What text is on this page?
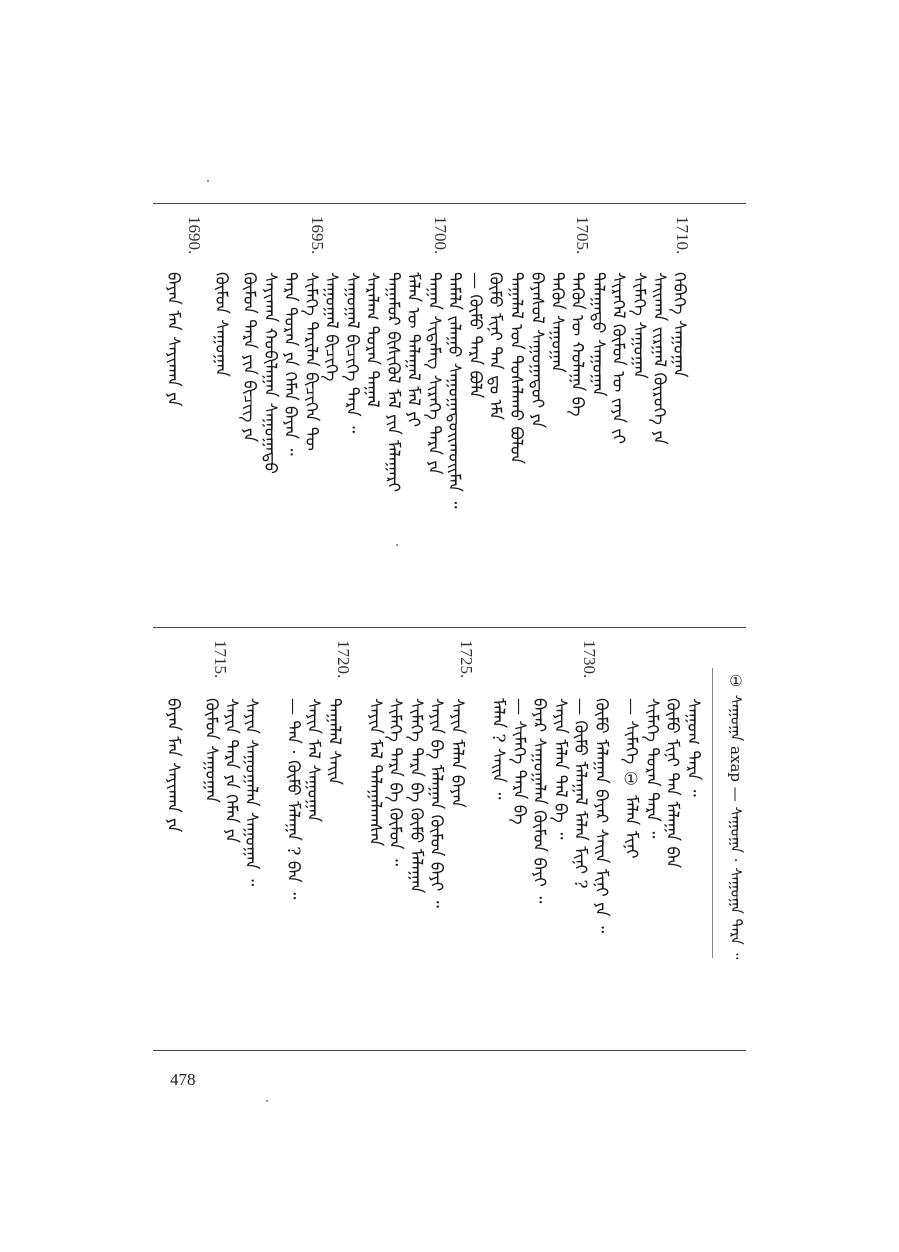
ᠬᠡᠪᠡᠭᠡ ᠰᠠᠭᠤᠭᠠᠨ
ᠰᠠᠢᠬᠠᠨ ᠵᠢᠷᠭᠠᠯ ᠬᠦᠷᠦᠭᠡ ᠶᠠ
ᠰᠢᠮᠡᠭᠡ ᠰᠠᠭᠤᠭᠠᠨ
ᠰᠢᠷᠡᠭᠡᠯ ᠬᠦᠮᠦᠨ ᠦ ᠵᠠᠶᠠ ᠶ᠋ᠢ
ᠲᠠᠯᠠᠭᠠᠳᠤ ᠰᠠᠭᠤᠭᠠᠨ
ᠲᠡᠭᠦᠨ ᠦ ᠬᠤᠯᠠᠭᠠ ᠪᠠ
ᠲᠡᠭᠦᠨ ᠰᠠᠭᠤᠭᠠᠨ
ᠪᠠᠶᠠᠰᠤᠯ ᠰᠠᠭᠤᠭᠠᠳᠤᠢ ᠶᠠ
ᠲᠠᠭᠠᠯᠠᠯ ᠤᠨ ᠲᠤᠰᠠᠯᠠᠬᠤ ᠪᠣᠯᠤᠨ
ᠬᠦᠮᠦ ᠮᠢᠨᠢ ᠲᠠᠨ ᠳᠤ ᠡᠮᠡ
— ᠬᠦᠮᠦ ᠲᠡᠷᠡ ᠪᠣᠯᠠ
ᠲᠡᠮᠡᠯᠡ ᠵᠠᠯᠠᠭᠤ ᠰᠠᠭᠤᠭᠠᠳᠤᠢᠬᠤᠢᠮᠡᠨ ᠃
ᠲᠠᠭᠠᠨ ᠰᠢᠳᠠᠮᠡᠭ ᠰᠢᠷᠡᠭᠡ ᠲᠡᠷᠡ ᠶᠠ
ᠮᠠᠯᠠᠨ ᠦ ᠲᠠᠯᠠᠭᠠᠯ ᠮᠠᠯ ᠶᠢ
ᠲᠠᠭᠠᠮᠤᠷ ᠪᠢᠰᠢᠭᠦᠯ ᠮᠠᠯ ᠶᠢᠨ ᠮᠠᠯᠠᠭᠠᠷᠢ
ᠰᠠᠷᠠᠯᠠᠭ ᠳᠤᠷᠠᠨ ᠲᠠᠭᠠᠯ
ᠰᠠᠭᠤᠭᠠᠯ ᠪᠢᠴᠢᠭᠡ ᠲᠡᠷᠡ ᠃
ᠰᠠᠭᠤᠭᠠᠯ ᠪᠢᠴᠢᠭᠡ
ᠰᠢᠮᠡᠭᠡ ᠲᠠᠷᠢᠯᠠᠨ ᠪᠢᠴᠢᠭᠡᠨ ᠲᠦ
ᠲᠡᠷᠡ ᠲᠤᠷᠠᠨ ᠶᠠ ᠬᠡᠮᠡᠨ ᠪᠠᠶᠠᠨ ᠃
ᠰᠠᠶᠢᠬᠠᠨ ᠬᠤᠪᠢᠯᠠᠭᠠᠨ ᠰᠠᠭᠤᠭᠠᠳᠤ
ᠬᠦᠮᠦᠨ ᠲᠡᠷᠡ ᠶᠢᠨ ᠪᠢᠴᠢᠭ ᠶᠠ
ᠬᠦᠮᠦᠨ ᠰᠠᠭᠤᠭᠠᠨ
ᠪᠠᠶᠠᠨ ᠮᠠᠨ ᠰᠠᠶᠢᠬᠠᠨ ᠶᠠ
1710.
1705.
1700.
1695.
1690.
ᠰᠠᠭᠤᠭ ᠲᠡᠷᠡ ᠃
ᠬᠦᠮᠦ ᠮᠢᠨᠢ ᠲᠠᠨ ᠮᠠᠯᠠᠭᠠ ᠪᠠᠨ
ᠰᠢᠮᠡᠭᠡ ᠲᠤᠷᠠᠨ ᠲᠡᠷᠡ ᠃
— ᠰᠢᠮᠡᠭᠡ ① ᠮᠠᠯᠠᠨ ᠮᠢᠨᠢ
ᠬᠦᠮᠦ ᠮᠠᠯᠠᠭᠠᠨ ᠪᠠᠶᠠᠷ ᠰᠠᠢᠨ ᠮᠢᠨᠢ ᠶᠠ ᠃
— ᠬᠦᠮᠦ ᠮᠠᠯᠠᠭᠠᠯ ᠮᠠᠯᠠᠨ ᠮᠢᠨᠢ ?
ᠰᠠᠶᠢᠨ ᠮᠠᠯᠠᠨ ᠲᠠᠯ ᠪᠠ ᠃
ᠪᠠᠶᠠᠷ ᠰᠠᠭᠤᠭᠠᠯᠠᠨ ᠬᠦᠮᠦᠨ ᠪᠠᠶᠢ ᠃
— ᠰᠢᠮᠡᠭᠡ ᠲᠡᠷᠡ ᠪᠠ
ᠮᠠᠯᠠᠨ ? ᠰᠠᠢᠨ ᠃
ᠰᠠᠶᠢᠨ ᠮᠠᠯᠠᠨ ᠪᠠᠶᠠᠨ
ᠰᠠᠶᠢᠨ ᠪᠠ ᠮᠠᠯᠠᠭᠠᠨ ᠬᠦᠮᠦᠨ ᠪᠠᠶᠢ ᠃
ᠰᠢᠮᠡᠭᠡ ᠲᠡᠷᠡ ᠪᠠ ᠬᠦᠮᠦ ᠮᠠᠯᠠᠭᠠᠨ
ᠰᠢᠮᠡᠭᠡ ᠲᠡᠷᠡ ᠪᠠ ᠬᠦᠮᠦᠨ ᠃
ᠰᠠᠶᠢᠨ ᠮᠠᠯ ᠲᠠᠯᠠᠭᠠᠯᠠᠭᠰᠠᠨ
ᠲᠠᠭᠠᠯᠠᠯ ᠰᠠᠢᠨ
ᠰᠠᠶᠢᠨ ᠮᠠᠯ ᠰᠠᠭᠤᠭᠠᠨ
— ᠲᠠᠨ · ᠬᠦᠮᠦ ᠮᠠᠯᠠᠭᠠ ? ᠪᠠᠨ ᠃
ᠰᠠᠶᠢᠨ ᠰᠠᠭᠤᠭᠠᠯᠠᠨ ᠰᠠᠭᠤᠭᠠᠨ ᠃
ᠰᠠᠶᠢᠨ ᠲᠡᠷᠡ ᠶᠠ ᠬᠡᠮᠡᠨ ᠶᠠ
ᠬᠦᠮᠦᠨ ᠰᠠᠭᠤᠭᠠᠨ
ᠪᠠᠶᠠᠨ ᠮᠠᠨ ᠰᠠᠶᠢᠬᠠᠨ ᠶᠠ
1730.
1725.
1720.
1715.
① ᠰᠠᠭᠤᠭᠠ ахар — ᠰᠠᠭᠤᠭᠠ · ᠰᠠᠭᠤᠭᠠ ᠲᠡᠷᠡ ᠃
478
